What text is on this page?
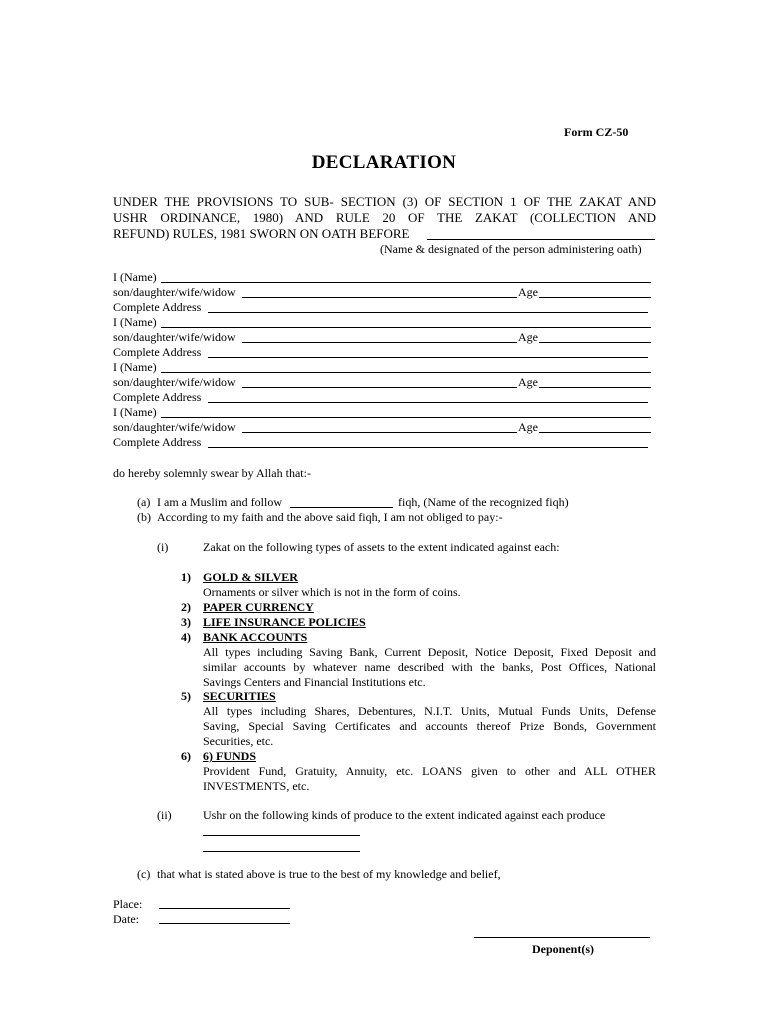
Form CZ-50
DECLARATION
UNDER THE PROVISIONS TO SUB- SECTION (3) OF SECTION 1 OF THE ZAKAT AND
USHR ORDINANCE, 1980) AND RULE 20 OF THE ZAKAT (COLLECTION AND
REFUND) RULES, 1981 SWORN ON OATH BEFORE
(Name & designated of the person administering oath)
I (Name)
son/daughter/wife/widow	Age
Complete Address
I (Name)
son/daughter/wife/widow	Age
Complete Address
I (Name)
son/daughter/wife/widow	Age
Complete Address
I (Name)
son/daughter/wife/widow	Age
Complete Address
do hereby solemnly swear by Allah that:-
(a) I am a Muslim and follow	fiqh, (Name of the recognized fiqh)
(b) According to my faith and the above said fiqh, I am not obliged to pay:-
(i)	Zakat on the following types of assets to the extent indicated against each:
1) GOLD & SILVER
Ornaments or silver which is not in the form of coins.
2) PAPER CURRENCY
3) LIFE INSURANCE POLICIES
4) BANK ACCOUNTS
All types including Saving Bank, Current Deposit, Notice Deposit, Fixed Deposit and
similar accounts by whatever name described with the banks, Post Offices, National
Savings Centers and Financial Institutions etc.
5) SECURITIES
All types including Shares, Debentures, N.I.T. Units, Mutual Funds Units, Defense
Saving, Special Saving Certificates and accounts thereof Prize Bonds, Government
Securities, etc.
6) 6) FUNDS
Provident Fund, Gratuity, Annuity, etc. LOANS given to other and ALL OTHER
INVESTMENTS, etc.
(ii)	Ushr on the following kinds of produce to the extent indicated against each produce
(c) that what is stated above is true to the best of my knowledge and belief,
Place:
Date:
Deponent(s)
